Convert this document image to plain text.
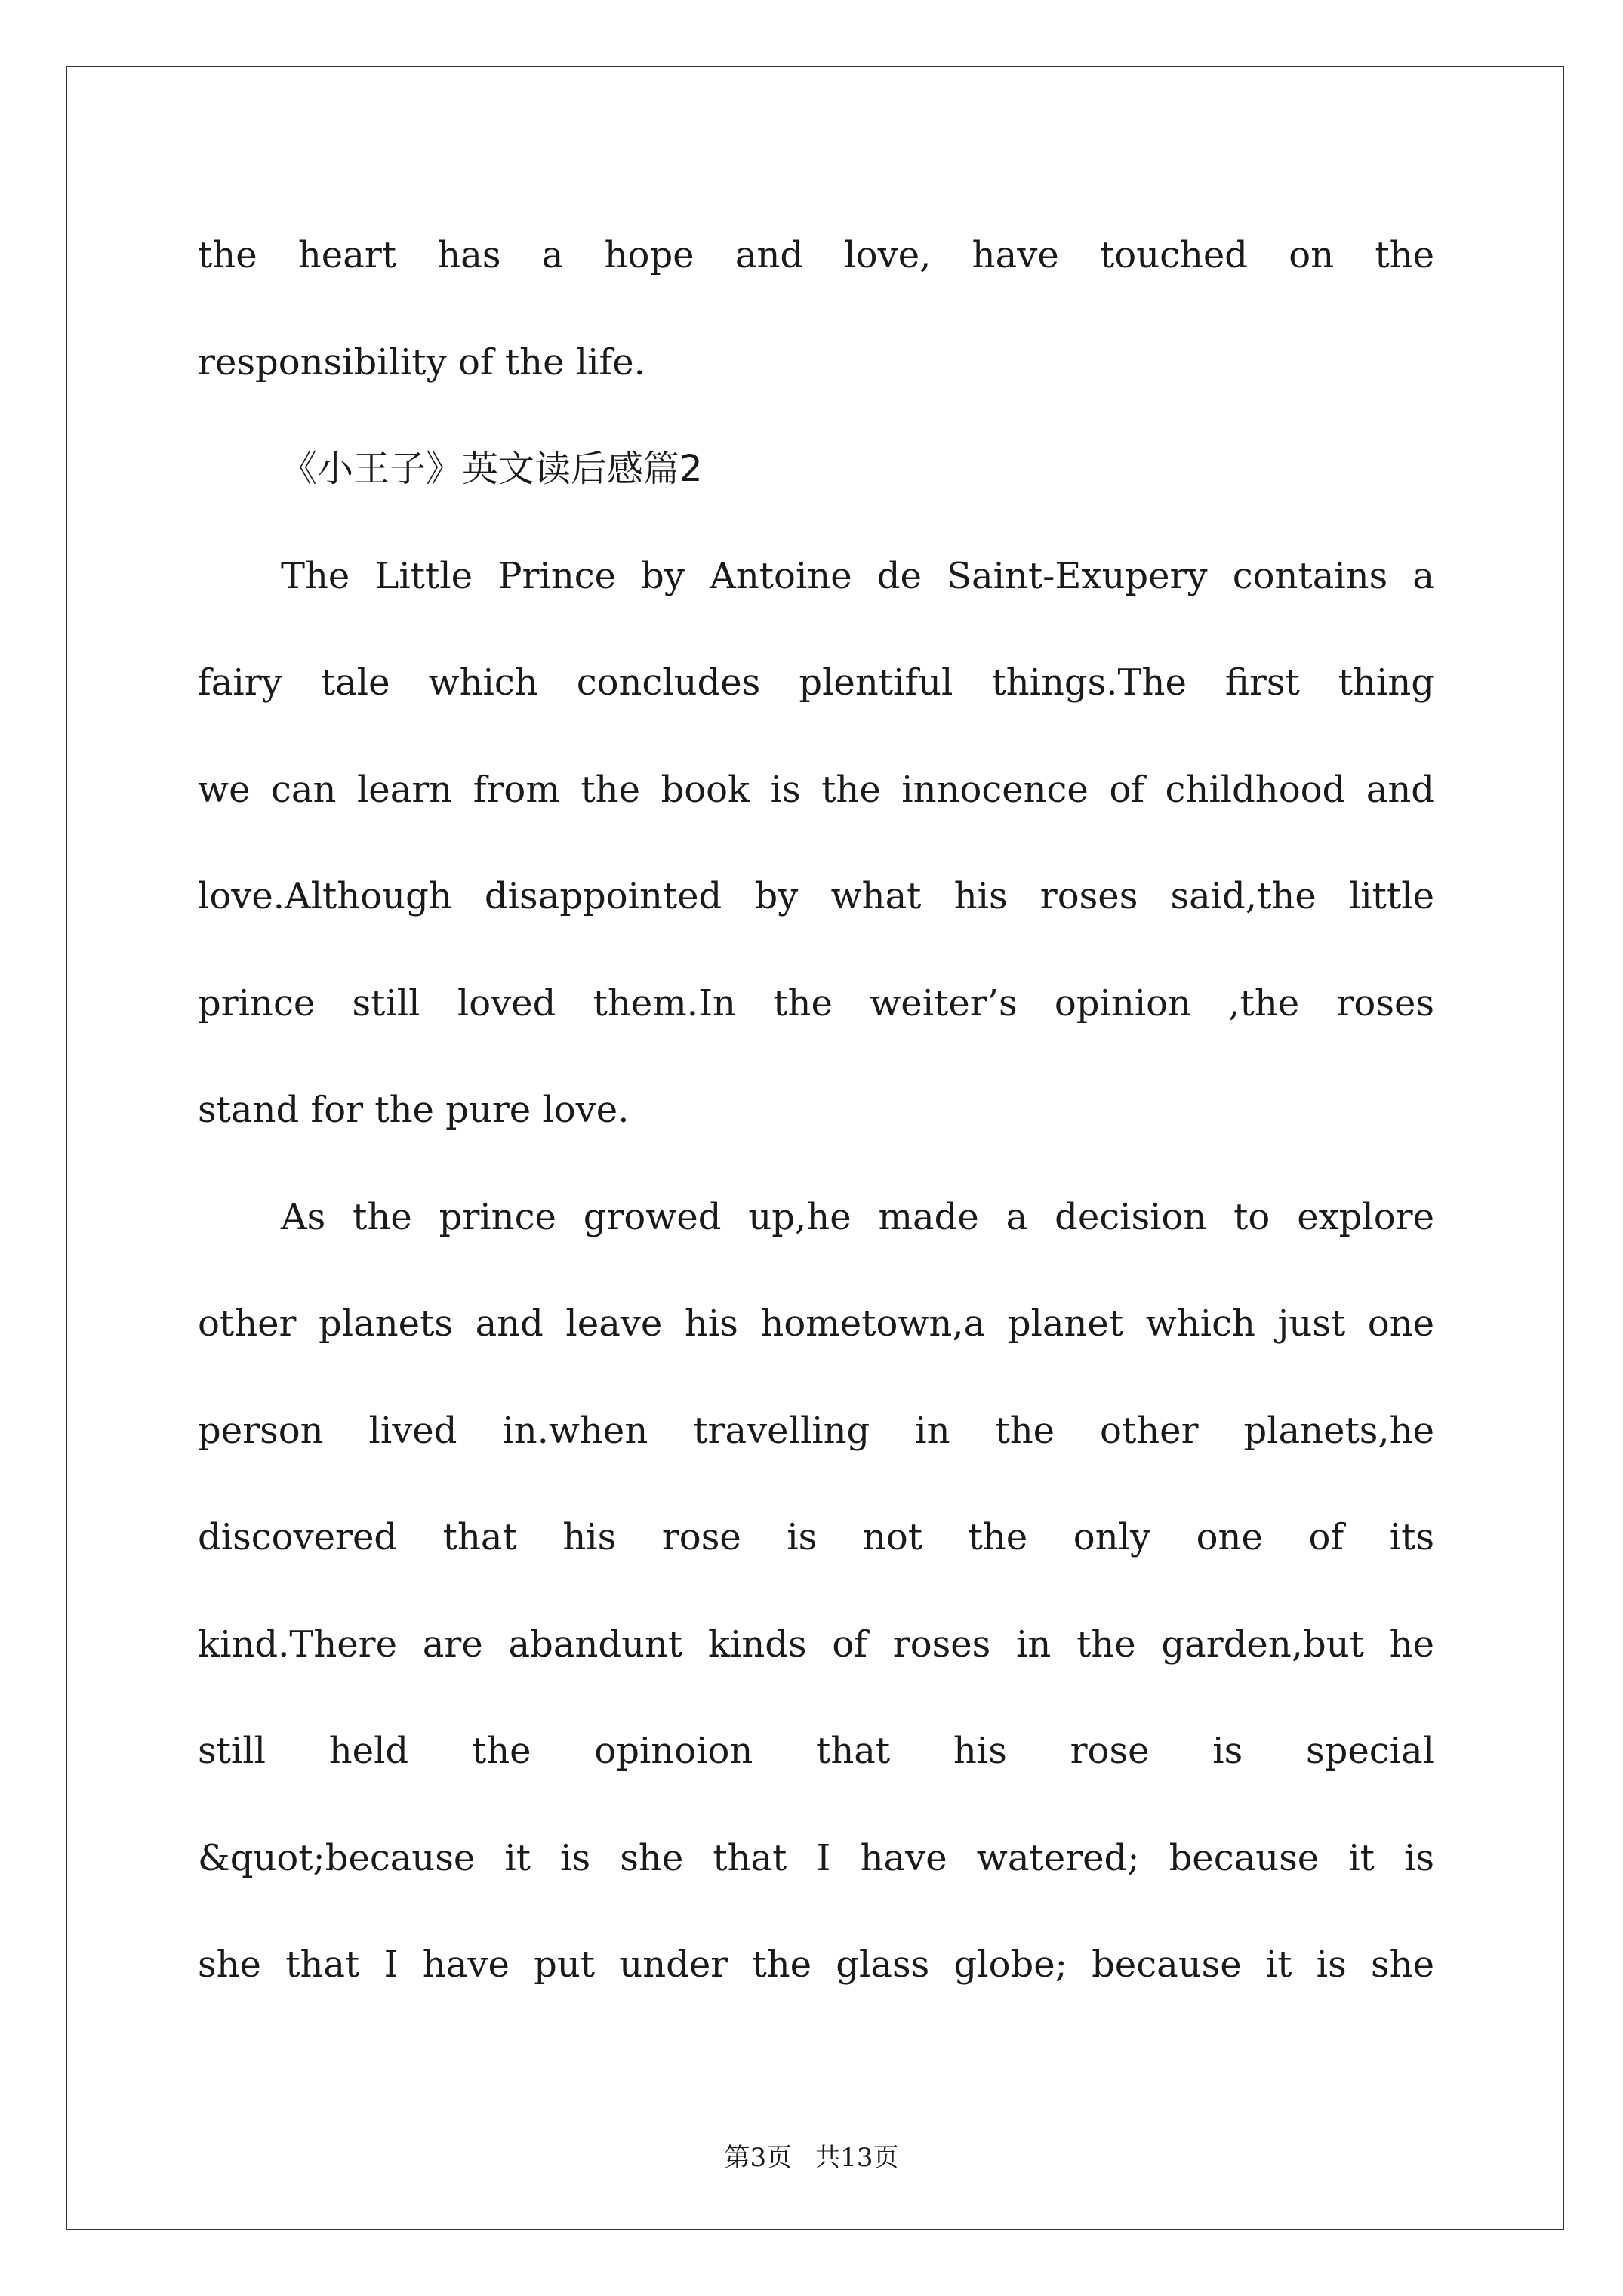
the heart has a hope and love, have touched on the
responsibility of the life.
《小王子》英文读后感篇2
The Little Prince by Antoine de Saint-Exupery contains a
fairy tale which concludes plentiful things.The first thing
we can learn from the book is the innocence of childhood and
love.Although disappointed by what his roses said,the little
prince still loved them.In the weiter’s opinion ,the roses
stand for the pure love.
As the prince growed up,he made a decision to explore
other planets and leave his hometown,a planet which just one
person lived in.when travelling in the other planets,he
discovered that his rose is not the only one of its
kind.There are abandunt kinds of roses in the garden,but he
still held the opinoion that his rose is special
&quot;because it is she that I have watered; because it is
she that I have put under the glass globe; because it is she
第3页 共13页
